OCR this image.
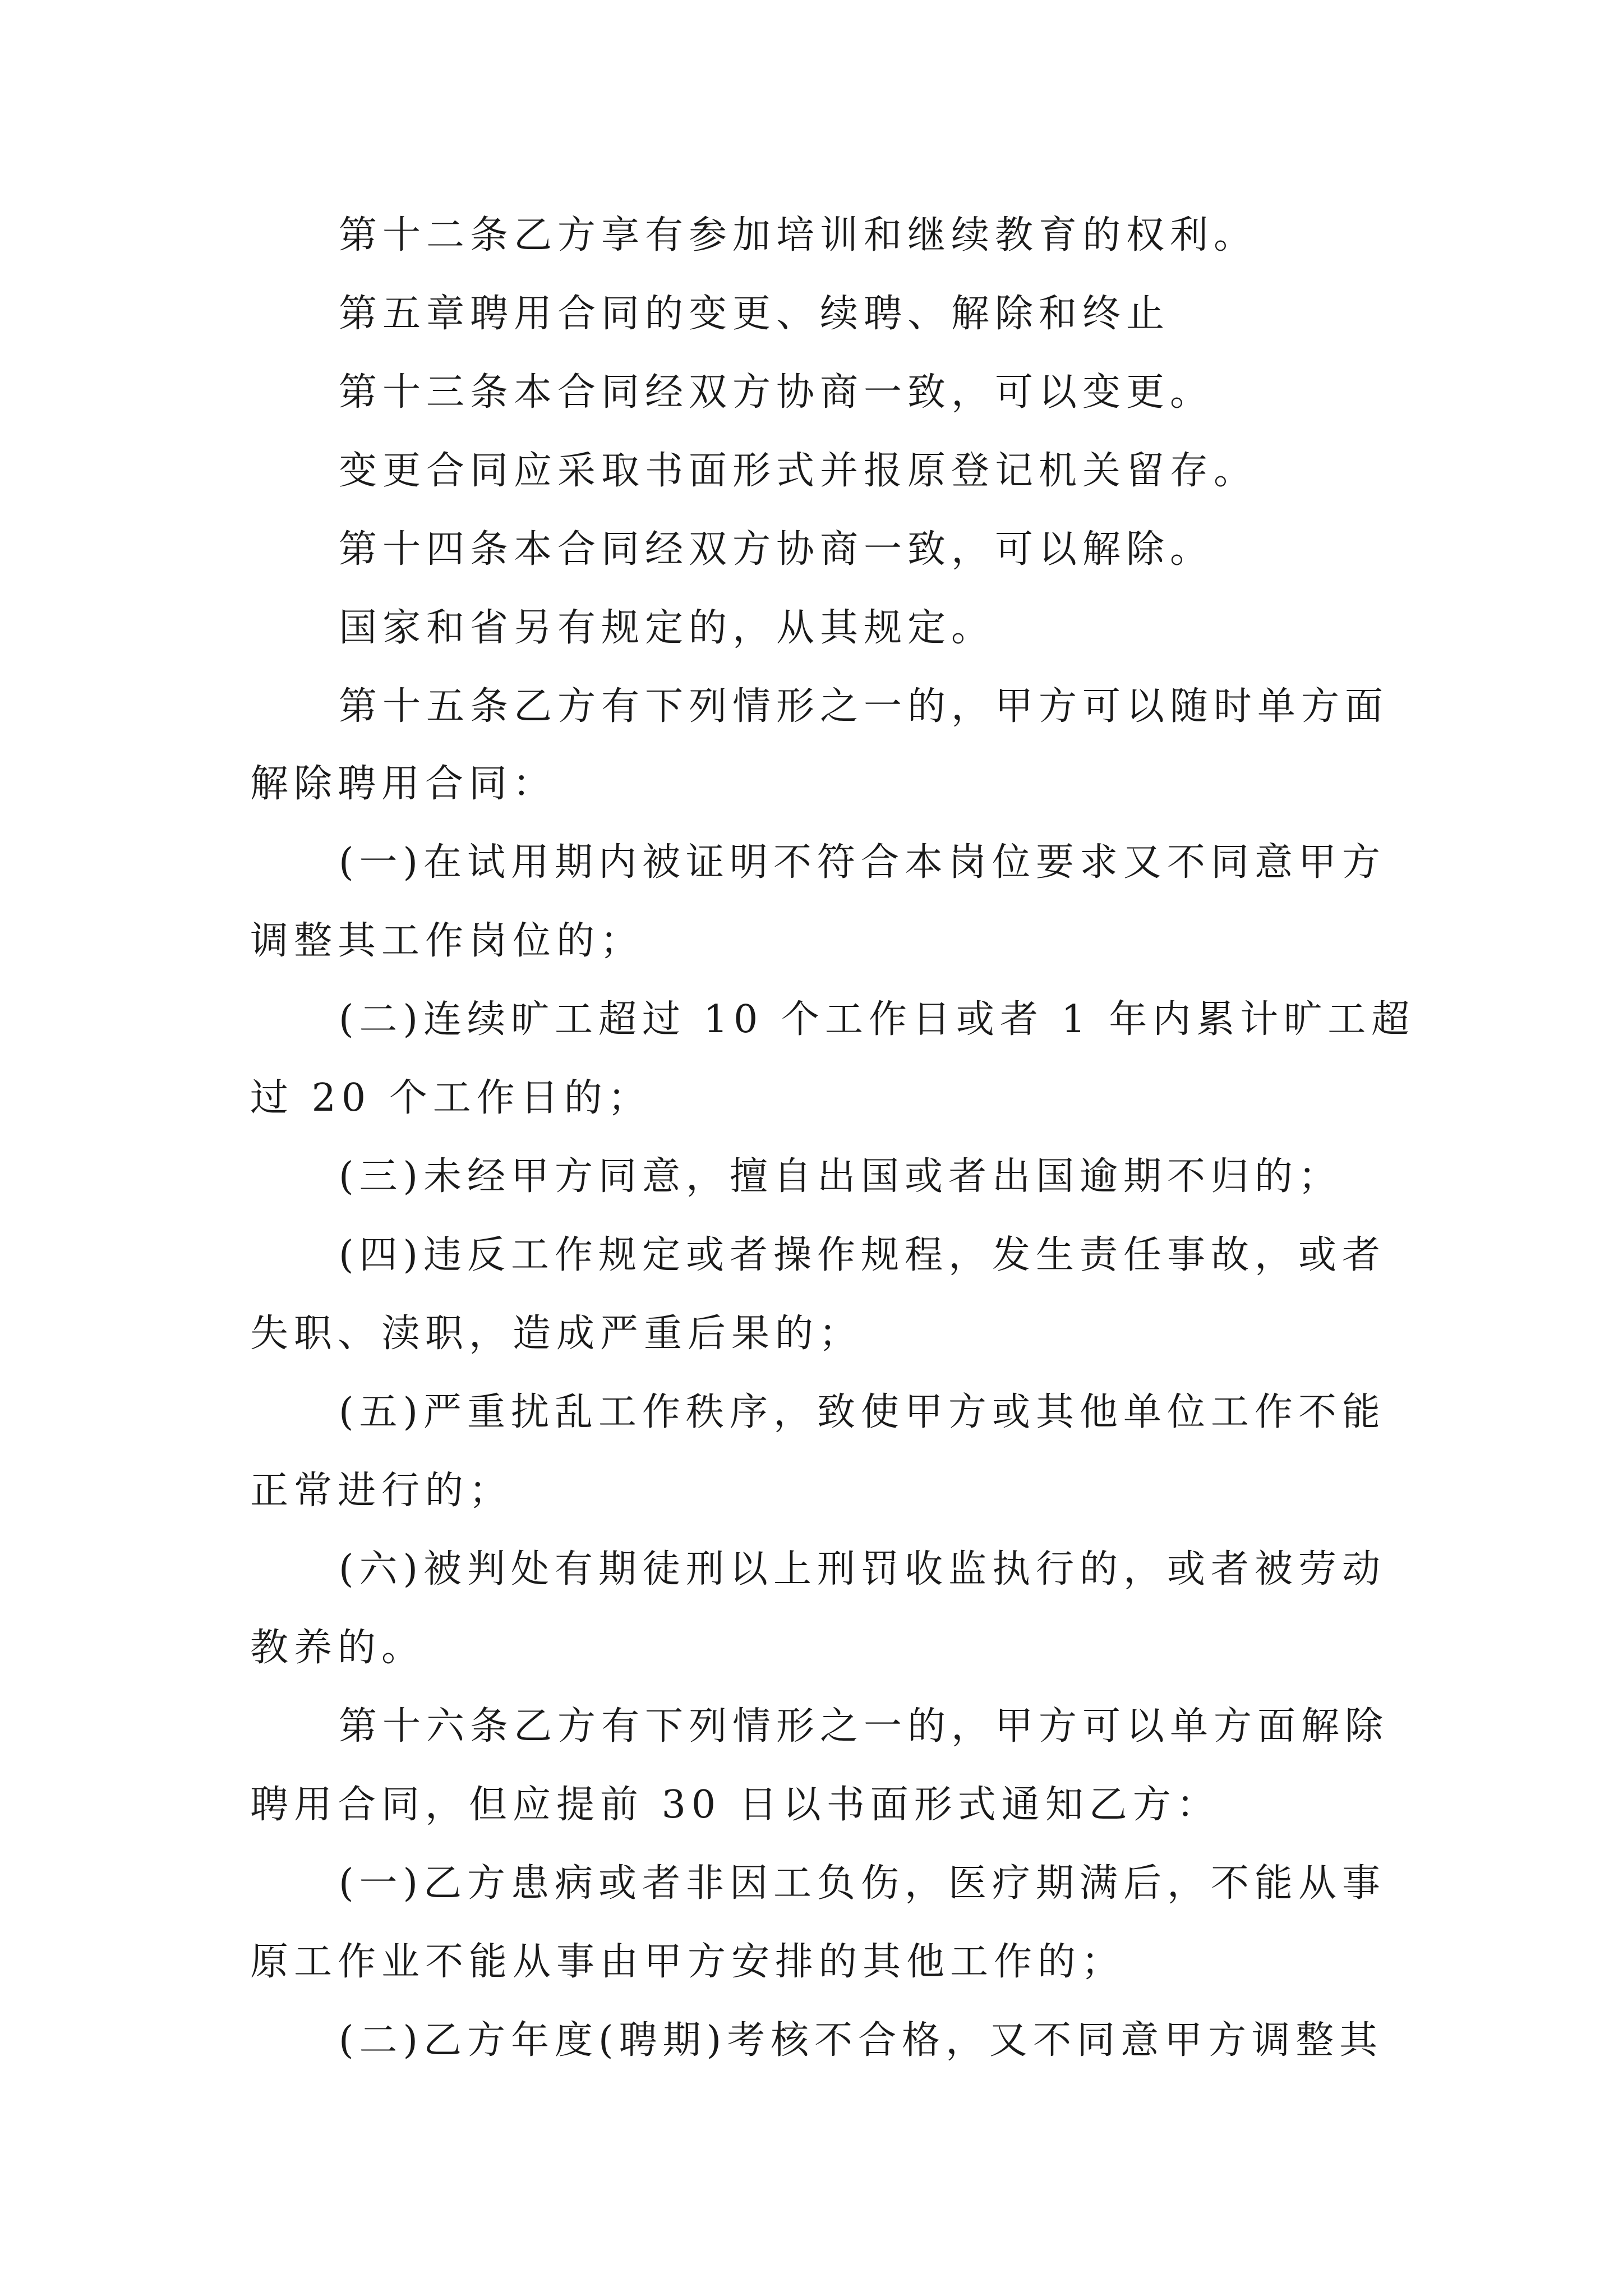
第十二条乙方享有参加培训和继续教育的权利。

第五章聘用合同的变更、续聘、解除和终止

第十三条本合同经双方协商一致，可以变更。

变更合同应采取书面形式并报原登记机关留存。

第十四条本合同经双方协商一致，可以解除。

国家和省另有规定的，从其规定。

第十五条乙方有下列情形之一的，甲方可以随时单方面

解除聘用合同：

(一)在试用期内被证明不符合本岗位要求又不同意甲方

调整其工作岗位的；

(二)连续旷工超过 10 个工作日或者 1 年内累计旷工超

过 20 个工作日的；

(三)未经甲方同意，擅自出国或者出国逾期不归的；

(四)违反工作规定或者操作规程，发生责任事故，或者

失职、渎职，造成严重后果的；

(五)严重扰乱工作秩序，致使甲方或其他单位工作不能

正常进行的；

(六)被判处有期徒刑以上刑罚收监执行的，或者被劳动

教养的。

第十六条乙方有下列情形之一的，甲方可以单方面解除

聘用合同，但应提前 30 日以书面形式通知乙方：

(一)乙方患病或者非因工负伤，医疗期满后，不能从事

原工作业不能从事由甲方安排的其他工作的；

(二)乙方年度(聘期)考核不合格，又不同意甲方调整其
